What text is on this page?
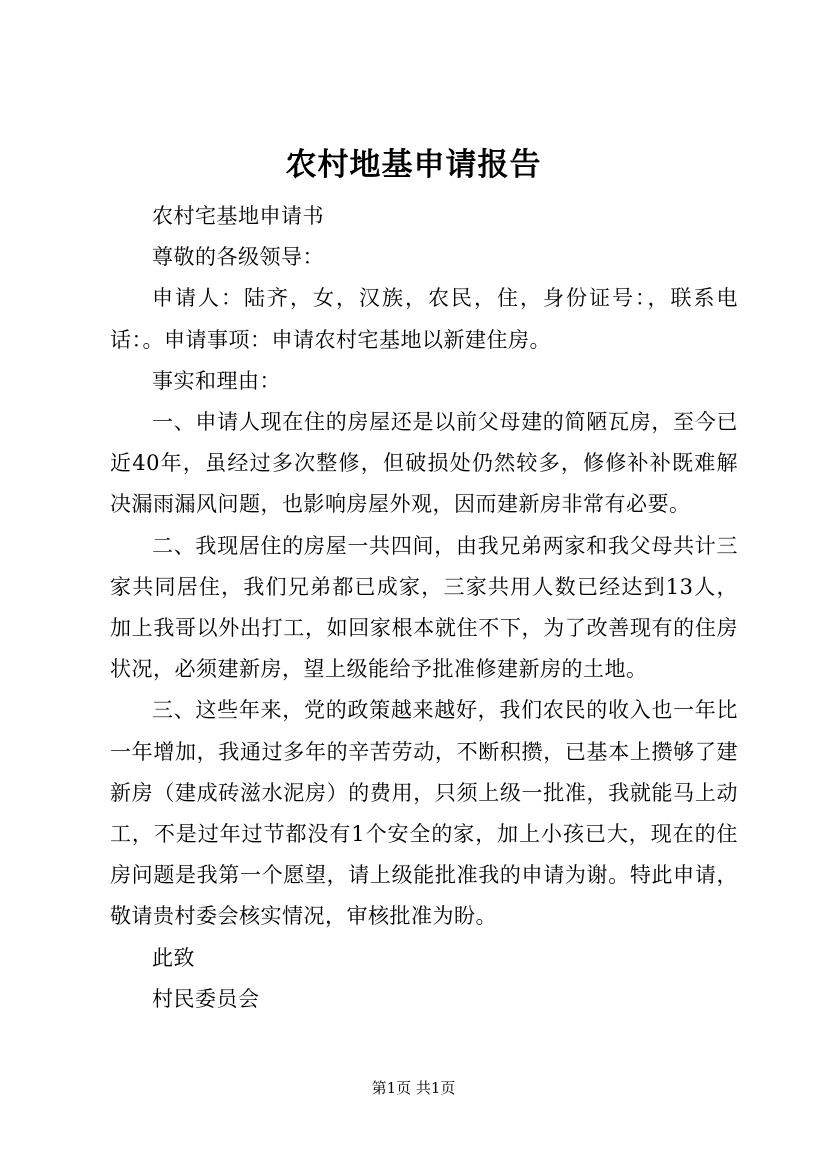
农村地基申请报告

农村宅基地申请书

尊敬的各级领导：

申请人：陆齐，女，汉族，农民，住，身份证号：，联系电话：。申请事项：申请农村宅基地以新建住房。

事实和理由：

一、申请人现在住的房屋还是以前父母建的简陋瓦房，至今已近40年，虽经过多次整修，但破损处仍然较多，修修补补既难解决漏雨漏风问题，也影响房屋外观，因而建新房非常有必要。

二、我现居住的房屋一共四间，由我兄弟两家和我父母共计三家共同居住，我们兄弟都已成家，三家共用人数已经达到13人，加上我哥以外出打工，如回家根本就住不下，为了改善现有的住房状况，必须建新房，望上级能给予批准修建新房的土地。

三、这些年来，党的政策越来越好，我们农民的收入也一年比一年增加，我通过多年的辛苦劳动，不断积攒，已基本上攒够了建新房（建成砖滋水泥房）的费用，只须上级一批准，我就能马上动工，不是过年过节都没有1个安全的家，加上小孩已大，现在的住房问题是我第一个愿望，请上级能批准我的申请为谢。特此申请，敬请贵村委会核实情况，审核批准为盼。

此致

村民委员会

第1页 共1页
